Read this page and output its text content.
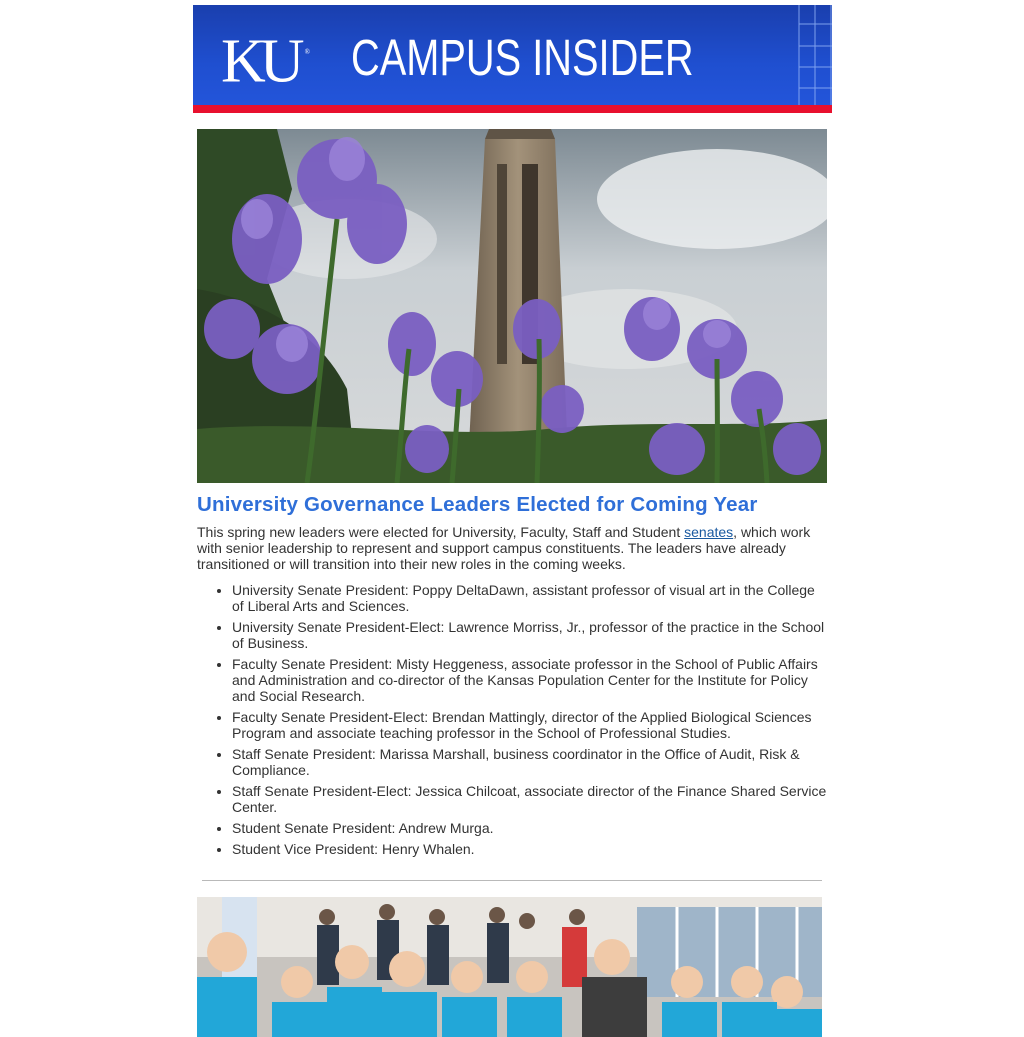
KU ® CAMPUS INSIDER
University Governance Leaders Elected for Coming Year

This spring new leaders were elected for University, Faculty, Staff and Student senates, which work with senior leadership to represent and support campus constituents. The leaders have already transitioned or will transition into their new roles in the coming weeks.

• University Senate President: Poppy DeltaDawn, assistant professor of visual art in the College of Liberal Arts and Sciences.
• University Senate President-Elect: Lawrence Morriss, Jr., professor of the practice in the School of Business.
• Faculty Senate President: Misty Heggeness, associate professor in the School of Public Affairs and Administration and co-director of the Kansas Population Center for the Institute for Policy and Social Research.
• Faculty Senate President-Elect: Brendan Mattingly, director of the Applied Biological Sciences Program and associate teaching professor in the School of Professional Studies.
• Staff Senate President: Marissa Marshall, business coordinator in the Office of Audit, Risk & Compliance.
• Staff Senate President-Elect: Jessica Chilcoat, associate director of the Finance Shared Service Center.
• Student Senate President: Andrew Murga.
• Student Vice President: Henry Whalen.
